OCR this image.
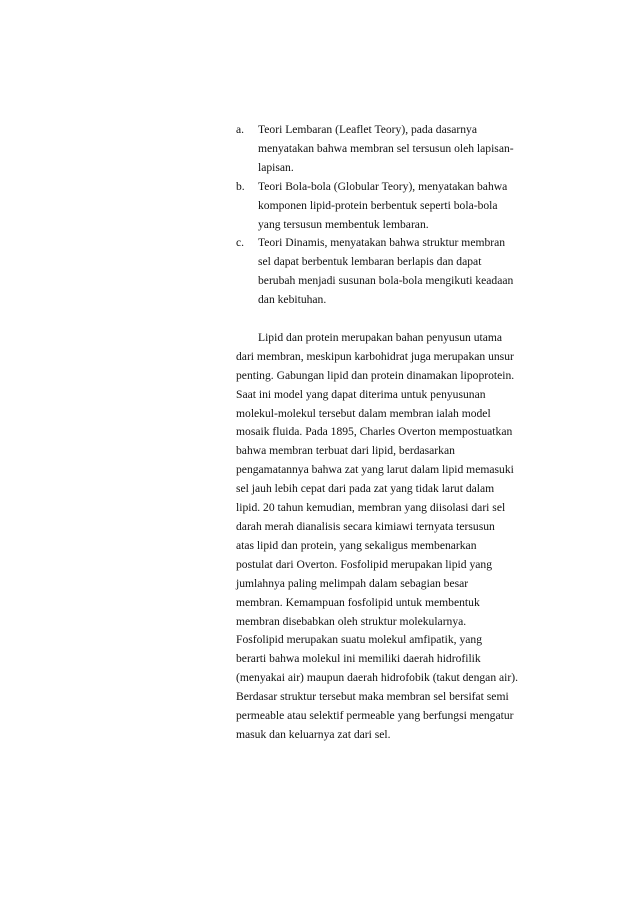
a. Teori Lembaran (Leaflet Teory), pada dasarnya
menyatakan bahwa membran sel tersusun oleh lapisan-
lapisan.
b. Teori Bola-bola (Globular Teory), menyatakan bahwa
komponen lipid-protein berbentuk seperti bola-bola
yang tersusun membentuk lembaran.
c. Teori Dinamis, menyatakan bahwa struktur membran
sel dapat berbentuk lembaran berlapis dan dapat
berubah menjadi susunan bola-bola mengikuti keadaan
dan kebituhan.
Lipid dan protein merupakan bahan penyusun utama
dari membran, meskipun karbohidrat juga merupakan unsur
penting. Gabungan lipid dan protein dinamakan lipoprotein.
Saat ini model yang dapat diterima untuk penyusunan
molekul-molekul tersebut dalam membran ialah model
mosaik fluida. Pada 1895, Charles Overton mempostuatkan
bahwa membran terbuat dari lipid, berdasarkan
pengamatannya bahwa zat yang larut dalam lipid memasuki
sel jauh lebih cepat dari pada zat yang tidak larut dalam
lipid. 20 tahun kemudian, membran yang diisolasi dari sel
darah merah dianalisis secara kimiawi ternyata tersusun
atas lipid dan protein, yang sekaligus membenarkan
postulat dari Overton. Fosfolipid merupakan lipid yang
jumlahnya paling melimpah dalam sebagian besar
membran. Kemampuan fosfolipid untuk membentuk
membran disebabkan oleh struktur molekularnya.
Fosfolipid merupakan suatu molekul amfipatik, yang
berarti bahwa molekul ini memiliki daerah hidrofilik
(menyakai air) maupun daerah hidrofobik (takut dengan air).
Berdasar struktur tersebut maka membran sel bersifat semi
permeable atau selektif permeable yang berfungsi mengatur
masuk dan keluarnya zat dari sel.
